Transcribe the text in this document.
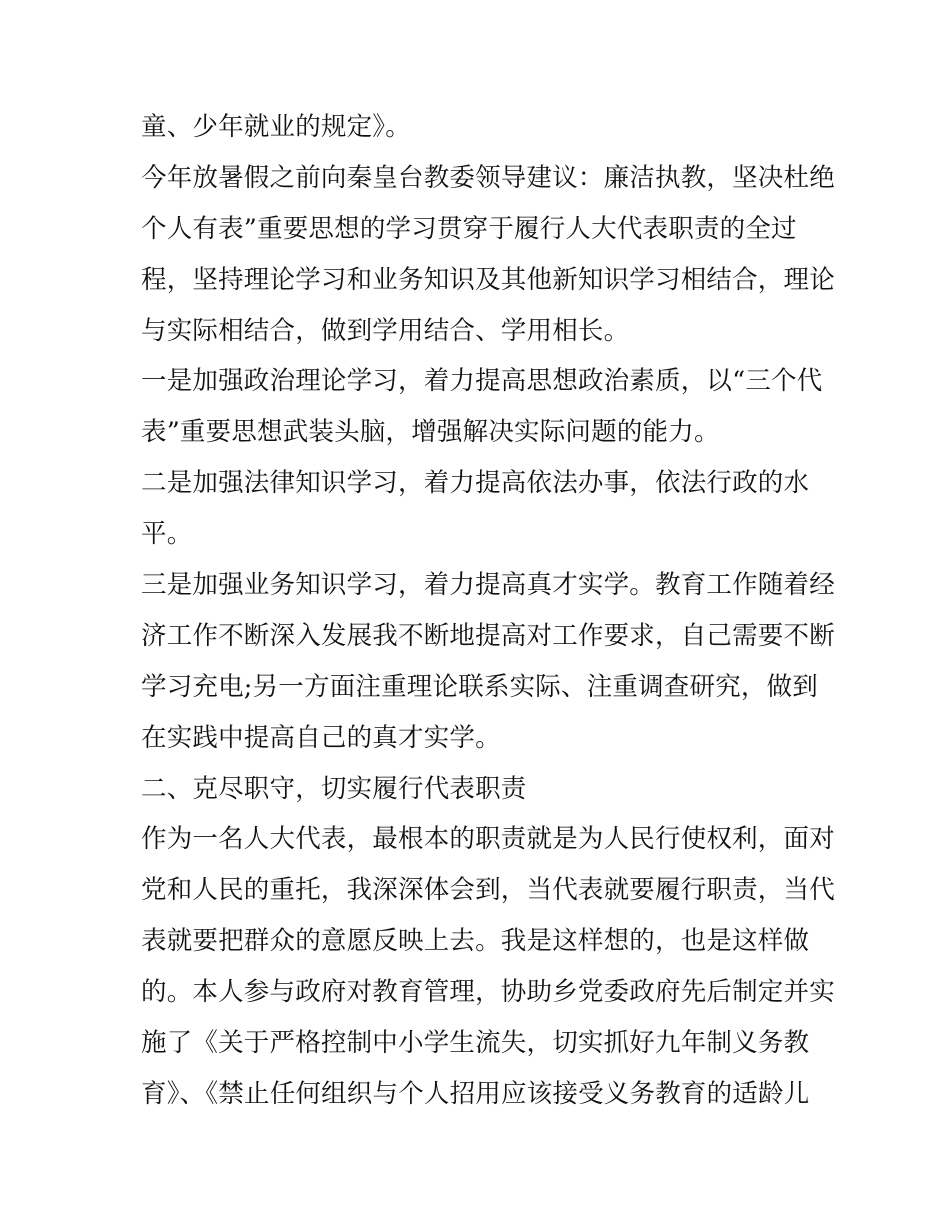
童、少年就业的规定》。
今年放暑假之前向秦皇台教委领导建议：廉洁执教，坚决杜绝
个人有表”重要思想的学习贯穿于履行人大代表职责的全过
程，坚持理论学习和业务知识及其他新知识学习相结合，理论
与实际相结合，做到学用结合、学用相长。
一是加强政治理论学习，着力提高思想政治素质，以“三个代
表”重要思想武装头脑，增强解决实际问题的能力。
二是加强法律知识学习，着力提高依法办事，依法行政的水
平。
三是加强业务知识学习，着力提高真才实学。教育工作随着经
济工作不断深入发展我不断地提高对工作要求，自己需要不断
学习充电;另一方面注重理论联系实际、注重调查研究，做到
在实践中提高自己的真才实学。
二、克尽职守，切实履行代表职责
作为一名人大代表，最根本的职责就是为人民行使权利，面对
党和人民的重托，我深深体会到，当代表就要履行职责，当代
表就要把群众的意愿反映上去。我是这样想的，也是这样做
的。本人参与政府对教育管理，协助乡党委政府先后制定并实
施了《关于严格控制中小学生流失，切实抓好九年制义务教
育》、《禁止任何组织与个人招用应该接受义务教育的适龄儿
